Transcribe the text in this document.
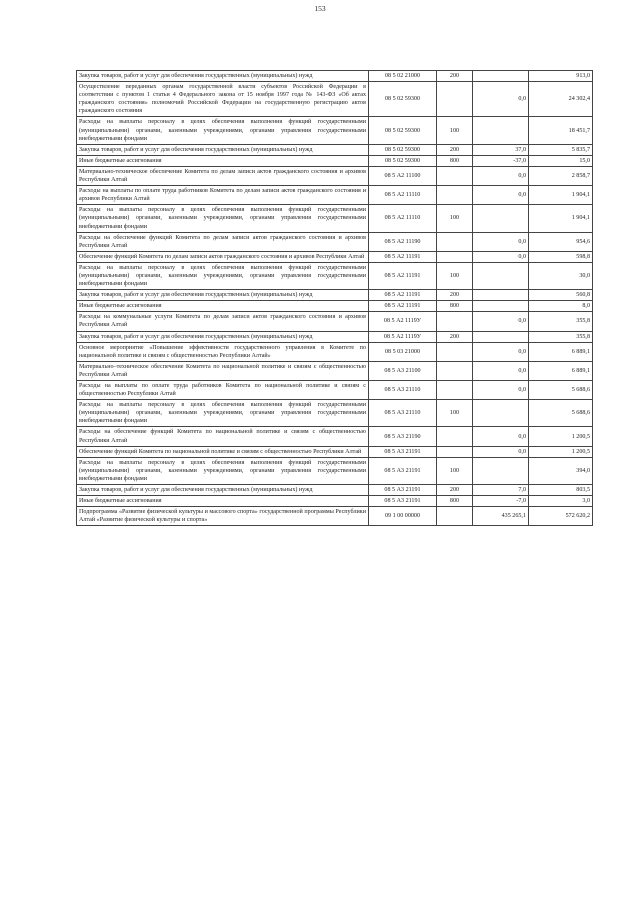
153
Закупка товаров, работ и услуг для обеспечения государственных (муниципальных) нужд	08 5 02 21000	200		913,0
Осуществление переданных органам государственной власти субъектов Российской Федерации в соответствии с пунктом 1 статьи 4 Федерального закона от 15 ноября 1997 года № 143-ФЗ «Об актах гражданского состояния» полномочий Российской Федерации на государственную регистрацию актов гражданского состояния	08 5 02 59300		0,0	24 302,4
Расходы на выплаты персоналу в целях обеспечения выполнения функций государственными (муниципальными) органами, казенными учреждениями, органами управления государственными внебюджетными фондами	08 5 02 59300	100		18 451,7
Закупка товаров, работ и услуг для обеспечения государственных (муниципальных) нужд	08 5 02 59300	200	37,0	5 835,7
Иные бюджетные ассигнования	08 5 02 59300	800	-37,0	15,0
Материально-техническое обеспечение Комитета по делам записи актов гражданского состояния и архивов Республики Алтай	08 5 А2 11100		0,0	2 858,7
Расходы на выплаты по оплате труда работников Комитета по делам записи актов гражданского состояния и архивов Республики Алтай	08 5 А2 11110		0,0	1 904,1
Расходы на выплаты персоналу в целях обеспечения выполнения функций государственными (муниципальными) органами, казенными учреждениями, органами управления государственными внебюджетными фондами	08 5 А2 11110	100		1 904,1
Расходы на обеспечение функций Комитета по делам записи актов гражданского состояния и архивов Республики Алтай	08 5 А2 11190		0,0	954,6
Обеспечение функций Комитета по делам записи актов гражданского состояния и архивов Республики Алтай	08 5 А2 11191		0,0	598,8
Расходы на выплаты персоналу в целях обеспечения выполнения функций государственными (муниципальными) органами, казенными учреждениями, органами управления государственными внебюджетными фондами	08 5 А2 11191	100		30,0
Закупка товаров, работ и услуг для обеспечения государственных (муниципальных) нужд	08 5 А2 11191	200		560,8
Иные бюджетные ассигнования	08 5 А2 11191	800		8,0
Расходы на коммунальные услуги Комитета по делам записи актов гражданского состояния и архивов Республики Алтай	08 5 А2 1119У		0,0	355,8
Закупка товаров, работ и услуг для обеспечения государственных (муниципальных) нужд	08 5 А2 1119У	200		355,8
Основное мероприятие «Повышение эффективности государственного управления в Комитете по национальной политике и связям с общественностью Республики Алтай»	08 5 03 21000		0,0	6 889,1
Материально–техническое обеспечение Комитета по национальной политике и связям с общественностью Республики Алтай	08 5 А3 21100		0,0	6 889,1
Расходы на выплаты по оплате труда работников Комитета по национальной политике и связям с общественностью Республики Алтай	08 5 А3 21110		0,0	5 688,6
Расходы на выплаты персоналу в целях обеспечения выполнения функций государственными (муниципальными) органами, казенными учреждениями, органами управления государственными внебюджетными фондами	08 5 А3 21110	100		5 688,6
Расходы на обеспечение функций Комитета по национальной политике и связям с общественностью Республики Алтай	08 5 А3 21190		0,0	1 200,5
Обеспечение функций Комитета по национальной политике и связям с общественностью Республики Алтай	08 5 А3 21191		0,0	1 200,5
Расходы на выплаты персоналу в целях обеспечения выполнения функций государственными (муниципальными) органами, казенными учреждениями, органами управления государственными внебюджетными фондами	08 5 А3 21191	100		394,0
Закупка товаров, работ и услуг для обеспечения государственных (муниципальных) нужд	08 5 А3 21191	200	7,0	803,5
Иные бюджетные ассигнования	08 5 А3 21191	800	-7,0	3,0
Подпрограмма «Развитие физической культуры и массового спорта» государственной программы Республики Алтай «Развитие физической культуры и спорта»	09 1 00 00000		435 265,1	572 620,2
